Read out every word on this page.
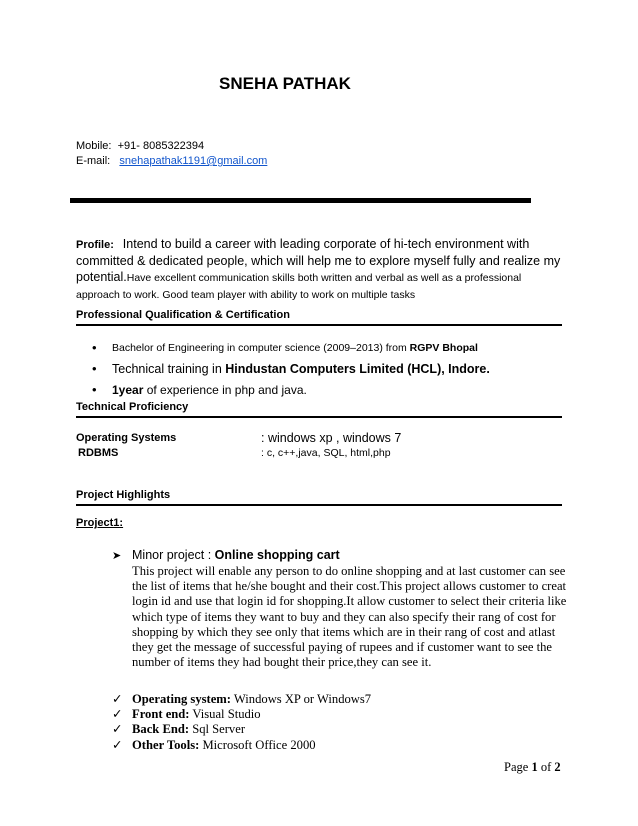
SNEHA PATHAK
Mobile: +91- 8085322394
E-mail: snehapathak1191@gmail.com
Profile: Intend to build a career with leading corporate of hi-tech environment with committed & dedicated people, which will help me to explore myself fully and realize my potential.Have excellent communication skills both written and verbal as well as a professional approach to work. Good team player with ability to work on multiple tasks
Professional Qualification & Certification
•	Bachelor of Engineering in computer science (2009–2013) from RGPV Bhopal
•	Technical training in Hindustan Computers Limited (HCL), Indore.
•	1year of experience in php and java.
Technical Proficiency
Operating Systems	: windows xp , windows 7
RDBMS	: c, c++,java, SQL, html,php
Project Highlights
Project1:
➤ Minor project : Online shopping cart
This project will enable any person to do online shopping and at last customer can see the list of items that he/she bought and their cost.This project allows customer to creat login id and use that login id for shopping.It allow customer to select their criteria like which type of items they want to buy and they can also specify their rang of cost for shopping by which they see only that items which are in their rang of cost and atlast they get the message of successful paying of rupees and if customer want to see the number of items they had bought their price,they can see it.
✓ Operating system: Windows XP or Windows7
✓ Front end: Visual Studio
✓ Back End: Sql Server
✓ Other Tools: Microsoft Office 2000
Page 1 of 2
